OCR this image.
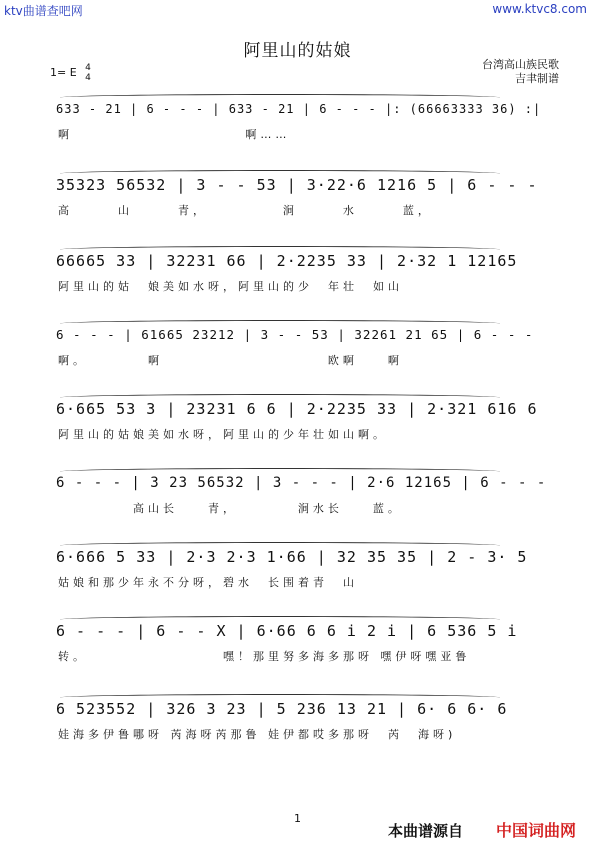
ktv曲谱查吧网	www.ktvc8.com
阿里山的姑娘
1= E 4
4
台湾高山族民歌
吉聿制谱
633 - 21 | 6 - - - | 633 - 21 | 6 - - - |: (66663333 36) :|
啊                       啊……
35323 56532 | 3 - - 53 | 3·22·6 1216 5 | 6 - - -
高      山      青，          涧      水      蓝，
66665 33 | 32231 66 | 2·2235 33 | 2·32 1 12165
阿里山的姑  娘美如水呀，阿里山的少  年壮  如山
6 - - - | 61665 23212 | 3 - - 53 | 32261 21 65 | 6 - - -
啊。        啊                      欧啊    啊
6·665 53 3 | 23231 6 6 | 2·2235 33 | 2·321 616 6
阿里山的姑娘美如水呀，阿里山的少年壮如山啊。
6 - - - | 3 23 56532 | 3 - - - | 2·6 12165 | 6 - - -
高山长    青，        涧水长    蓝。
6·666 5 33 | 2·3 2·3 1·66 | 32 35 35 | 2 - 3· 5
姑娘和那少年永不分呀，碧水  长围着青  山
6 - - - | 6 - - X | 6·66 6 6 i 2 i | 6 536 5 i
转。                  嘿！那里努多海多那呀 嘿伊呀嘿亚鲁
6 523552 | 326 3 23 | 5 236 13 21 | 6· 6 6· 6
娃海多伊鲁哪呀 芮海呀芮那鲁 娃伊都哎多那呀  芮  海呀)
1
本曲谱源自 中国词曲网
